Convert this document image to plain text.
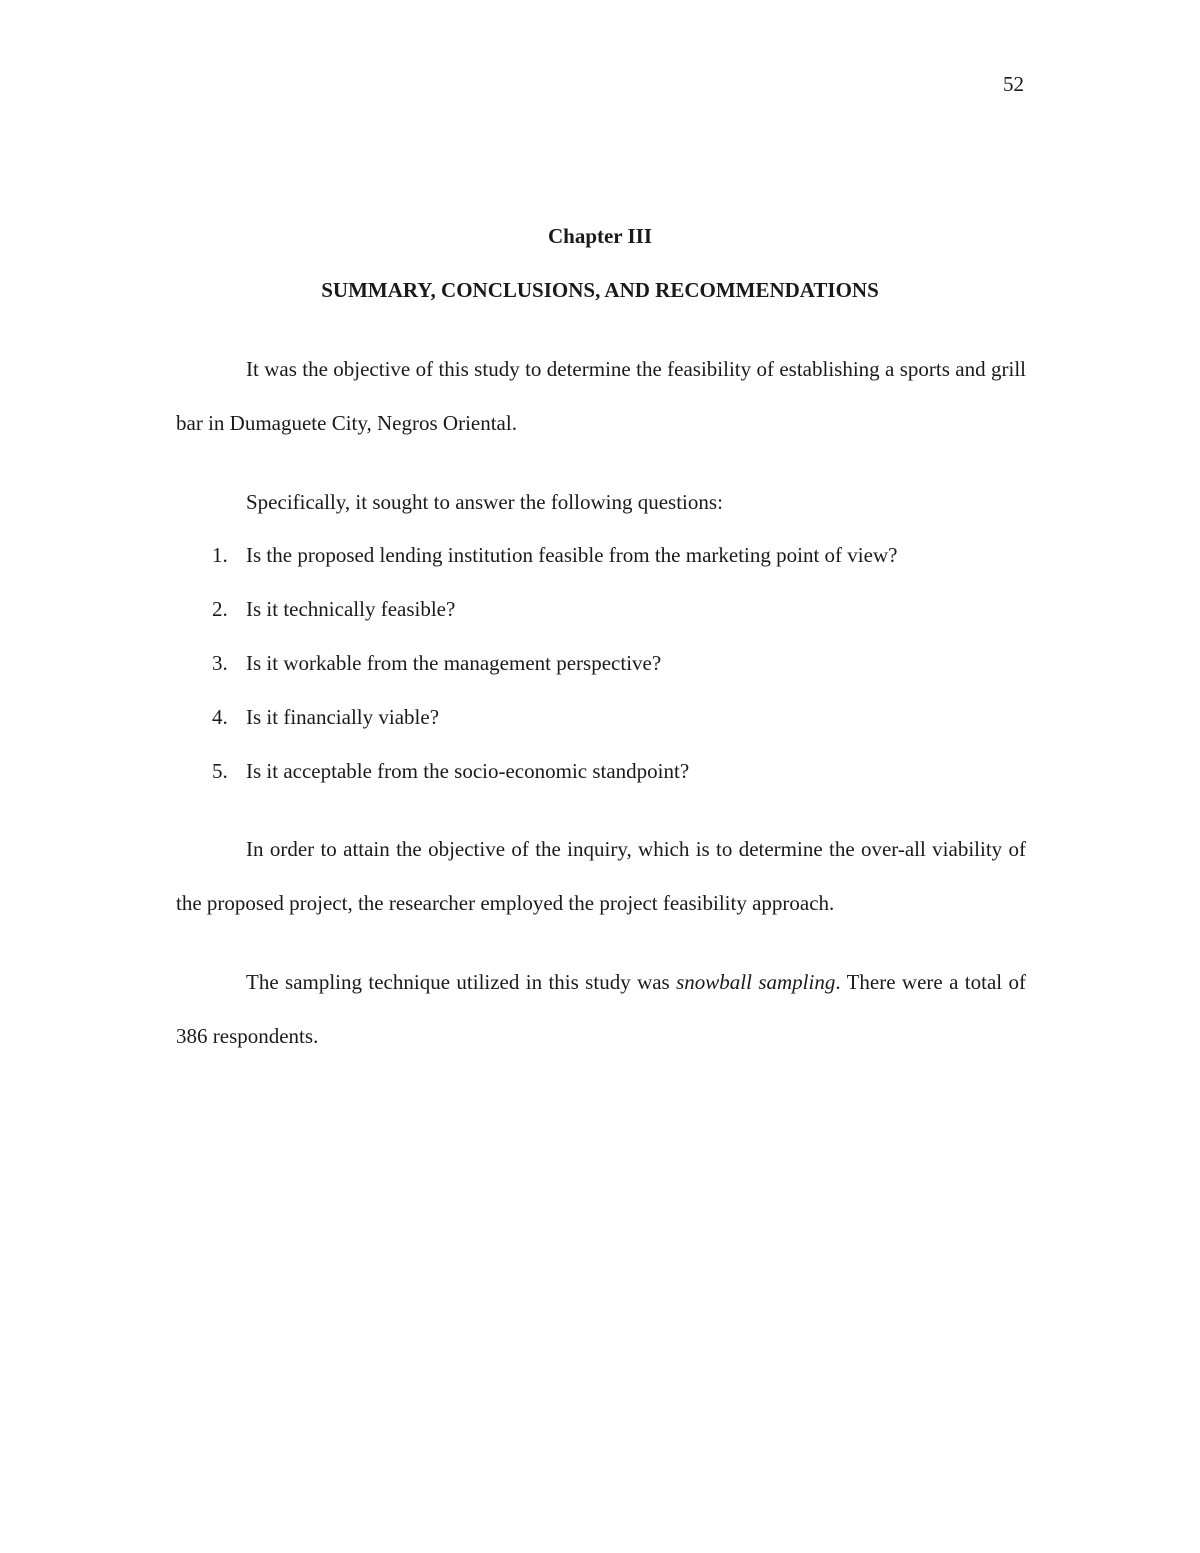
52
Chapter III
SUMMARY, CONCLUSIONS, AND RECOMMENDATIONS

It was the objective of this study to determine the feasibility of establishing a sports and grill bar in Dumaguete City, Negros Oriental.

Specifically, it sought to answer the following questions:

1. Is the proposed lending institution feasible from the marketing point of view?
2. Is it technically feasible?
3. Is it workable from the management perspective?
4. Is it financially viable?
5. Is it acceptable from the socio-economic standpoint?

In order to attain the objective of the inquiry, which is to determine the over-all viability of the proposed project, the researcher employed the project feasibility approach.

The sampling technique utilized in this study was snowball sampling. There were a total of 386 respondents.
